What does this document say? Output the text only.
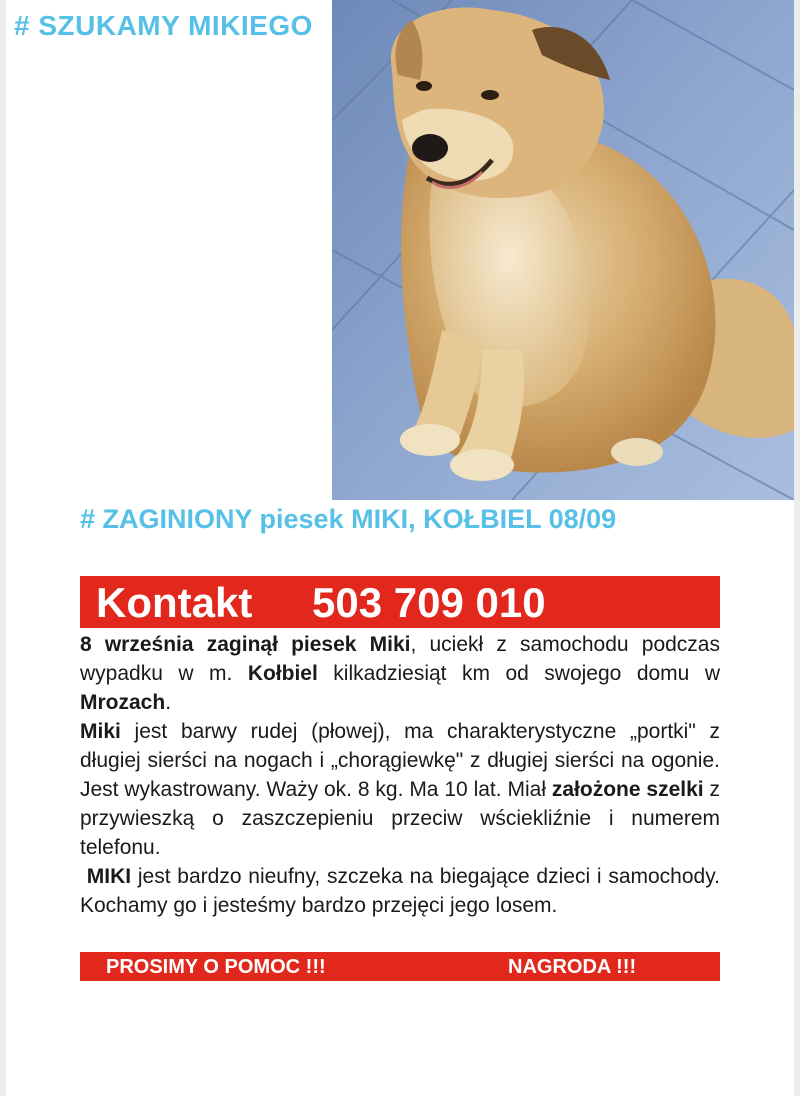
# SZUKAMY MIKIEGO
# ZAGINIONY piesek MIKI, KOŁBIEL 08/09
Kontakt 503 709 010

8 września zaginął piesek Miki, uciekł z samochodu podczas wypadku w m. Kołbiel kilkadziesiąt km od swojego domu w Mrozach.

Miki jest barwy rudej (płowej), ma charakterystyczne „portki" z długiej sierści na nogach i „chorągiewkę" z długiej sierści na ogonie. Jest wykastrowany. Waży ok. 8 kg. Ma 10 lat. Miał założone szelki z przywieszką o zaszczepieniu przeciw wściekliźnie i numerem telefonu.

MIKI jest bardzo nieufny, szczeka na biegające dzieci i samochody. Kochamy go i jesteśmy bardzo przejęci jego losem.

PROSIMY O POMOC !!!	NAGRODA !!!
